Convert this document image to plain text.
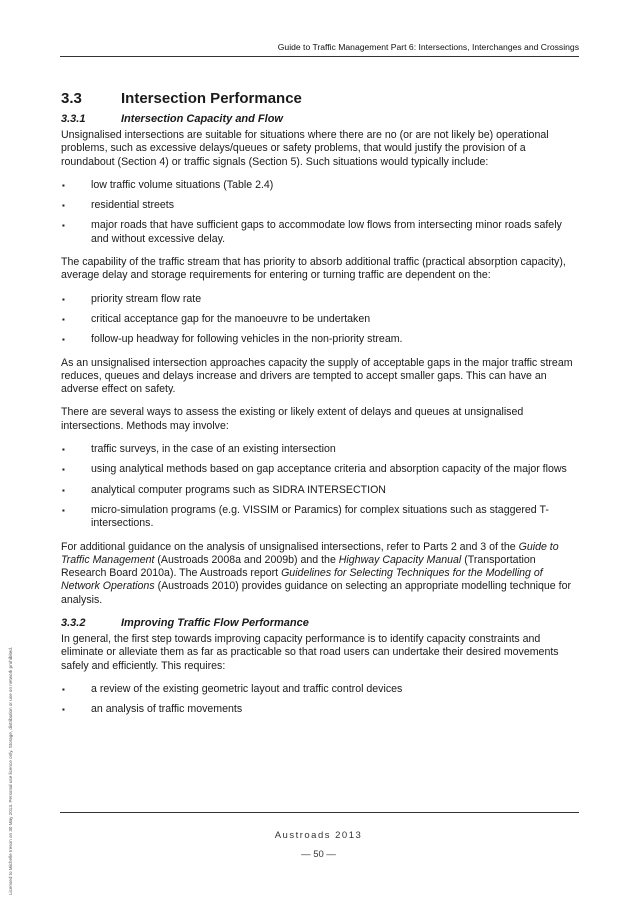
Guide to Traffic Management Part 6: Intersections, Interchanges and Crossings
3.3	Intersection Performance
3.3.1	Intersection Capacity and Flow

Unsignalised intersections are suitable for situations where there are no (or are not likely be) operational problems, such as excessive delays/queues or safety problems, that would justify the provision of a roundabout (Section 4) or traffic signals (Section 5). Such situations would typically include:

▪ low traffic volume situations (Table 2.4)
▪ residential streets
▪ major roads that have sufficient gaps to accommodate low flows from intersecting minor roads safely and without excessive delay.

The capability of the traffic stream that has priority to absorb additional traffic (practical absorption capacity), average delay and storage requirements for entering or turning traffic are dependent on the:

▪ priority stream flow rate
▪ critical acceptance gap for the manoeuvre to be undertaken
▪ follow-up headway for following vehicles in the non-priority stream.

As an unsignalised intersection approaches capacity the supply of acceptable gaps in the major traffic stream reduces, queues and delays increase and drivers are tempted to accept smaller gaps. This can have an adverse effect on safety.

There are several ways to assess the existing or likely extent of delays and queues at unsignalised intersections. Methods may involve:

▪ traffic surveys, in the case of an existing intersection
▪ using analytical methods based on gap acceptance criteria and absorption capacity of the major flows
▪ analytical computer programs such as SIDRA INTERSECTION
▪ micro-simulation programs (e.g. VISSIM or Paramics) for complex situations such as staggered T-intersections.

For additional guidance on the analysis of unsignalised intersections, refer to Parts 2 and 3 of the Guide to Traffic Management (Austroads 2008a and 2009b) and the Highway Capacity Manual (Transportation Research Board 2010a). The Austroads report Guidelines for Selecting Techniques for the Modelling of Network Operations (Austroads 2010) provides guidance on selecting an appropriate modelling technique for analysis.

3.3.2	Improving Traffic Flow Performance

In general, the first step towards improving capacity performance is to identify capacity constraints and eliminate or alleviate them as far as practicable so that road users can undertake their desired movements safely and efficiently. This requires:

▪ a review of the existing geometric layout and traffic control devices
▪ an analysis of traffic movements
Austroads 2013
— 50 —
Licensed to Michelle Ireson on 30 May 2013. Personal use licence only. Storage, distribution or use on network prohibited.
